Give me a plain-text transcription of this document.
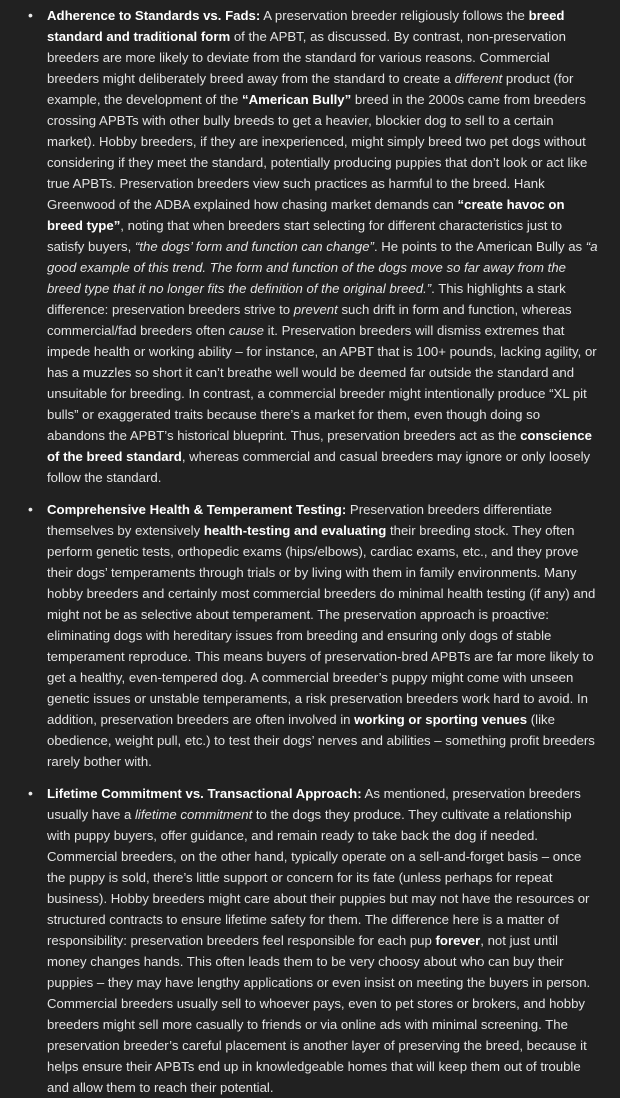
• Adherence to Standards vs. Fads: A preservation breeder religiously follows the breed standard and traditional form of the APBT, as discussed. By contrast, non-preservation breeders are more likely to deviate from the standard for various reasons. Commercial breeders might deliberately breed away from the standard to create a different product (for example, the development of the “American Bully” breed in the 2000s came from breeders crossing APBTs with other bully breeds to get a heavier, blockier dog to sell to a certain market). Hobby breeders, if they are inexperienced, might simply breed two pet dogs without considering if they meet the standard, potentially producing puppies that don’t look or act like true APBTs. Preservation breeders view such practices as harmful to the breed. Hank Greenwood of the ADBA explained how chasing market demands can “create havoc on breed type”, noting that when breeders start selecting for different characteristics just to satisfy buyers, “the dogs’ form and function can change”. He points to the American Bully as “a good example of this trend. The form and function of the dogs move so far away from the breed type that it no longer fits the definition of the original breed.”. This highlights a stark difference: preservation breeders strive to prevent such drift in form and function, whereas commercial/fad breeders often cause it. Preservation breeders will dismiss extremes that impede health or working ability – for instance, an APBT that is 100+ pounds, lacking agility, or has a muzzles so short it can’t breathe well would be deemed far outside the standard and unsuitable for breeding. In contrast, a commercial breeder might intentionally produce “XL pit bulls” or exaggerated traits because there’s a market for them, even though doing so abandons the APBT’s historical blueprint. Thus, preservation breeders act as the conscience of the breed standard, whereas commercial and casual breeders may ignore or only loosely follow the standard.
• Comprehensive Health & Temperament Testing: Preservation breeders differentiate themselves by extensively health-testing and evaluating their breeding stock. They often perform genetic tests, orthopedic exams (hips/elbows), cardiac exams, etc., and they prove their dogs’ temperaments through trials or by living with them in family environments. Many hobby breeders and certainly most commercial breeders do minimal health testing (if any) and might not be as selective about temperament. The preservation approach is proactive: eliminating dogs with hereditary issues from breeding and ensuring only dogs of stable temperament reproduce. This means buyers of preservation-bred APBTs are far more likely to get a healthy, even-tempered dog. A commercial breeder’s puppy might come with unseen genetic issues or unstable temperaments, a risk preservation breeders work hard to avoid. In addition, preservation breeders are often involved in working or sporting venues (like obedience, weight pull, etc.) to test their dogs’ nerves and abilities – something profit breeders rarely bother with.
• Lifetime Commitment vs. Transactional Approach: As mentioned, preservation breeders usually have a lifetime commitment to the dogs they produce. They cultivate a relationship with puppy buyers, offer guidance, and remain ready to take back the dog if needed. Commercial breeders, on the other hand, typically operate on a sell-and-forget basis – once the puppy is sold, there’s little support or concern for its fate (unless perhaps for repeat business). Hobby breeders might care about their puppies but may not have the resources or structured contracts to ensure lifetime safety for them. The difference here is a matter of responsibility: preservation breeders feel responsible for each pup forever, not just until money changes hands. This often leads them to be very choosy about who can buy their puppies – they may have lengthy applications or even insist on meeting the buyers in person. Commercial breeders usually sell to whoever pays, even to pet stores or brokers, and hobby breeders might sell more casually to friends or via online ads with minimal screening. The preservation breeder’s careful placement is another layer of preserving the breed, because it helps ensure their APBTs end up in knowledgeable homes that will keep them out of trouble and allow them to reach their potential.
